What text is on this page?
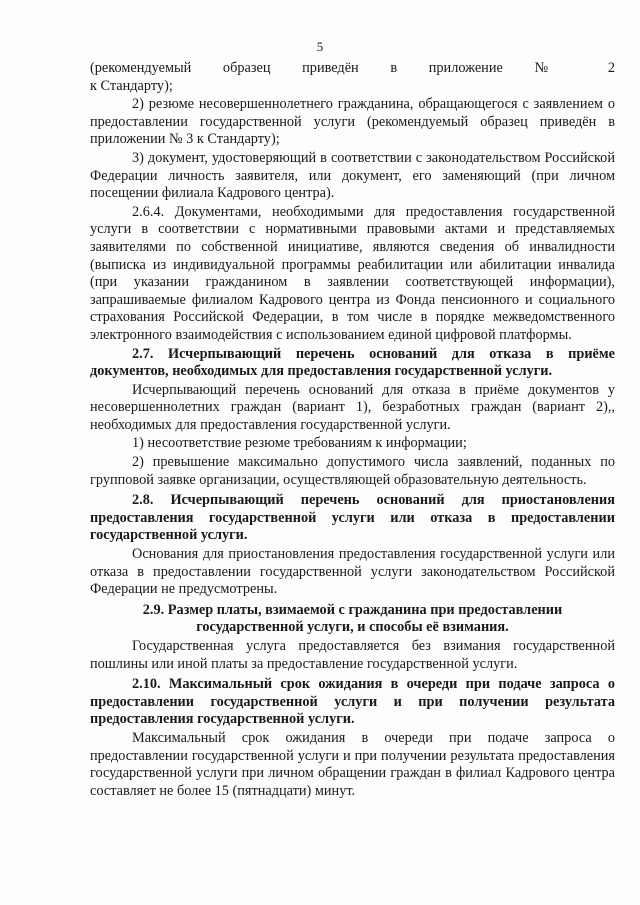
5

(рекомендуемый образец приведён в приложение № 2

к Стандарту);

2) резюме несовершеннолетнего гражданина, обращающегося с заявлением о предоставлении государственной услуги (рекомендуемый образец приведён в приложении № 3 к Стандарту);

3) документ, удостоверяющий в соответствии с законодательством Российской Федерации личность заявителя, или документ, его заменяющий (при личном посещении филиала Кадрового центра).

2.6.4. Документами, необходимыми для предоставления государственной услуги в соответствии с нормативными правовыми актами и представляемых заявителями по собственной инициативе, являются сведения об инвалидности (выписка из индивидуальной программы реабилитации или абилитации инвалида (при указании гражданином в заявлении соответствующей информации), запрашиваемые филиалом Кадрового центра из Фонда пенсионного и социального страхования Российской Федерации, в том числе в порядке межведомственного электронного взаимодействия с использованием единой цифровой платформы.

2.7. Исчерпывающий перечень оснований для отказа в приёме документов, необходимых для предоставления государственной услуги.

Исчерпывающий перечень оснований для отказа в приёме документов у несовершеннолетних граждан (вариант 1), безработных граждан (вариант 2),, необходимых для предоставления государственной услуги.

1) несоответствие резюме требованиям к информации;

2) превышение максимально допустимого числа заявлений, поданных по групповой заявке организации, осуществляющей образовательную деятельность.

2.8. Исчерпывающий перечень оснований для приостановления предоставления государственной услуги или отказа в предоставлении государственной услуги.

Основания для приостановления предоставления государственной услуги или отказа в предоставлении государственной услуги законодательством Российской Федерации не предусмотрены.

2.9. Размер платы, взимаемой с гражданина при предоставлении

государственной услуги, и способы её взимания.

Государственная услуга предоставляется без взимания государственной пошлины или иной платы за предоставление государственной услуги.

2.10. Максимальный срок ожидания в очереди при подаче запроса о предоставлении государственной услуги и при получении результата предоставления государственной услуги.

Максимальный срок ожидания в очереди при подаче запроса о предоставлении государственной услуги и при получении результата предоставления государственной услуги при личном обращении граждан в филиал Кадрового центра составляет не более 15 (пятнадцати) минут.
